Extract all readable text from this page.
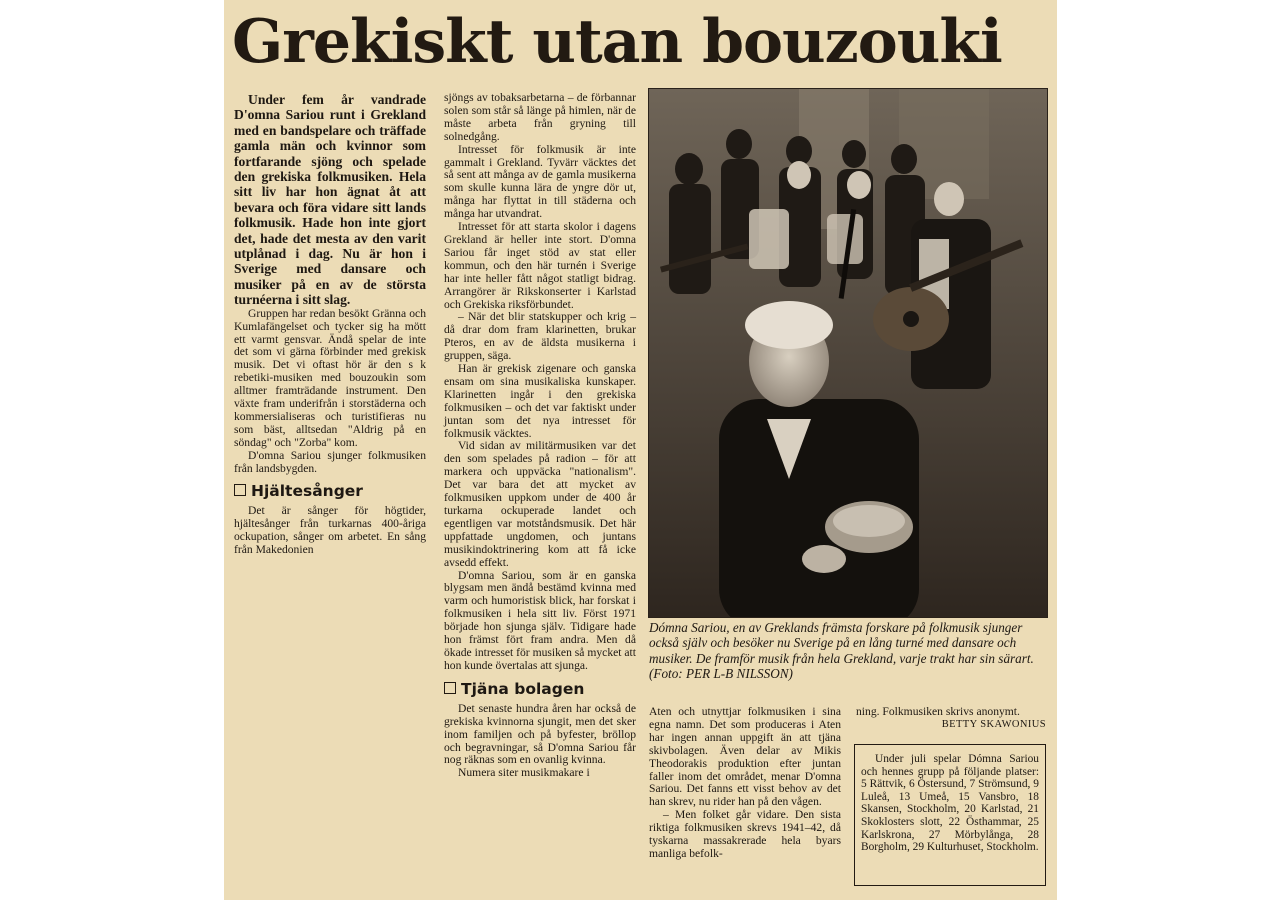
Grekiskt utan bouzouki

Under fem år vandrade D'omna Sariou runt i Grekland med en bandspelare och träffade gamla män och kvinnor som fortfarande sjöng och spelade den grekiska folkmusiken. Hela sitt liv har hon ägnat åt att bevara och föra vidare sitt lands folkmusik. Hade hon inte gjort det, hade det mesta av den varit utplånad i dag. Nu är hon i Sverige med dansare och musiker på en av de största turnéerna i sitt slag.

Gruppen har redan besökt Gränna och Kumlafängelset och tycker sig ha mött ett varmt gensvar. Ändå spelar de inte det som vi gärna förbinder med grekisk musik. Det vi oftast hör är den s k rebetiki-musiken med bouzoukin som alltmer framträdande instrument. Den växte fram underifrån i storstäderna och kommersialiseras och turistifieras nu som bäst, alltsedan "Aldrig på en söndag" och "Zorba" kom.

D'omna Sariou sjunger folkmusiken från landsbygden.

Hjältesånger

Det är sånger för högtider, hjältesånger från turkarnas 400-åriga ockupation, sånger om arbetet. En sång från Makedonien

sjöngs av tobaksarbetarna – de förbannar solen som står så länge på himlen, när de måste arbeta från gryning till solnedgång.

Intresset för folkmusik är inte gammalt i Grekland. Tyvärr väcktes det så sent att många av de gamla musikerna som skulle kunna lära de yngre dör ut, många har flyttat in till städerna och många har utvandrat.

Intresset för att starta skolor i dagens Grekland är heller inte stort. D'omna Sariou får inget stöd av stat eller kommun, och den här turnén i Sverige har inte heller fått något statligt bidrag. Arrangörer är Rikskonserter i Karlstad och Grekiska riksförbundet.

– När det blir statskupper och krig – då drar dom fram klarinetten, brukar Pteros, en av de äldsta musikerna i gruppen, säga.

Han är grekisk zigenare och ganska ensam om sina musikaliska kunskaper. Klarinetten ingår i den grekiska folkmusiken – och det var faktiskt under juntan som det nya intresset för folkmusik väcktes.

Vid sidan av militärmusiken var det den som spelades på radion – för att markera och uppväcka "nationalism". Det var bara det att mycket av folkmusiken uppkom under de 400 år turkarna ockuperade landet och egentligen var motståndsmusik. Det här uppfattade ungdomen, och juntans musikindoktrinering kom att få icke avsedd effekt.

D'omna Sariou, som är en ganska blygsam men ändå bestämd kvinna med varm och humoristisk blick, har forskat i folkmusiken i hela sitt liv. Först 1971 började hon sjunga själv. Tidigare hade hon främst fört fram andra. Men då ökade intresset för musiken så mycket att hon kunde övertalas att sjunga.

Tjäna bolagen

Det senaste hundra åren har också de grekiska kvinnorna sjungit, men det sker inom familjen och på byfester, bröllop och begravningar, så D'omna Sariou får nog räknas som en ovanlig kvinna.

Numera siter musikmakare i

Dómna Sariou, en av Greklands främsta forskare på folkmusik sjunger också själv och besöker nu Sverige på en lång turné med dansare och musiker. De framför musik från hela Grekland, varje trakt har sin särart. (Foto: PER L-B NILSSON)

Aten och utnyttjar folkmusiken i sina egna namn. Det som produceras i Aten har ingen annan uppgift än att tjäna skivbolagen. Även delar av Mikis Theodorakis produktion efter juntan faller inom det området, menar D'omna Sariou. Det fanns ett visst behov av det han skrev, nu rider han på den vågen.

– Men folket går vidare. Den sista riktiga folkmusiken skrevs 1941–42, då tyskarna massakrerade hela byars manliga befolk-

ning. Folkmusiken skrivs anonymt.

BETTY SKAWONIUS

Under juli spelar Dómna Sariou och hennes grupp på följande platser: 5 Rättvik, 6 Östersund, 7 Strömsund, 9 Luleå, 13 Umeå, 15 Vansbro, 18 Skansen, Stockholm, 20 Karlstad, 21 Skoklosters slott, 22 Östhammar, 25 Karlskrona, 27 Mörbylånga, 28 Borgholm, 29 Kulturhuset, Stockholm.
